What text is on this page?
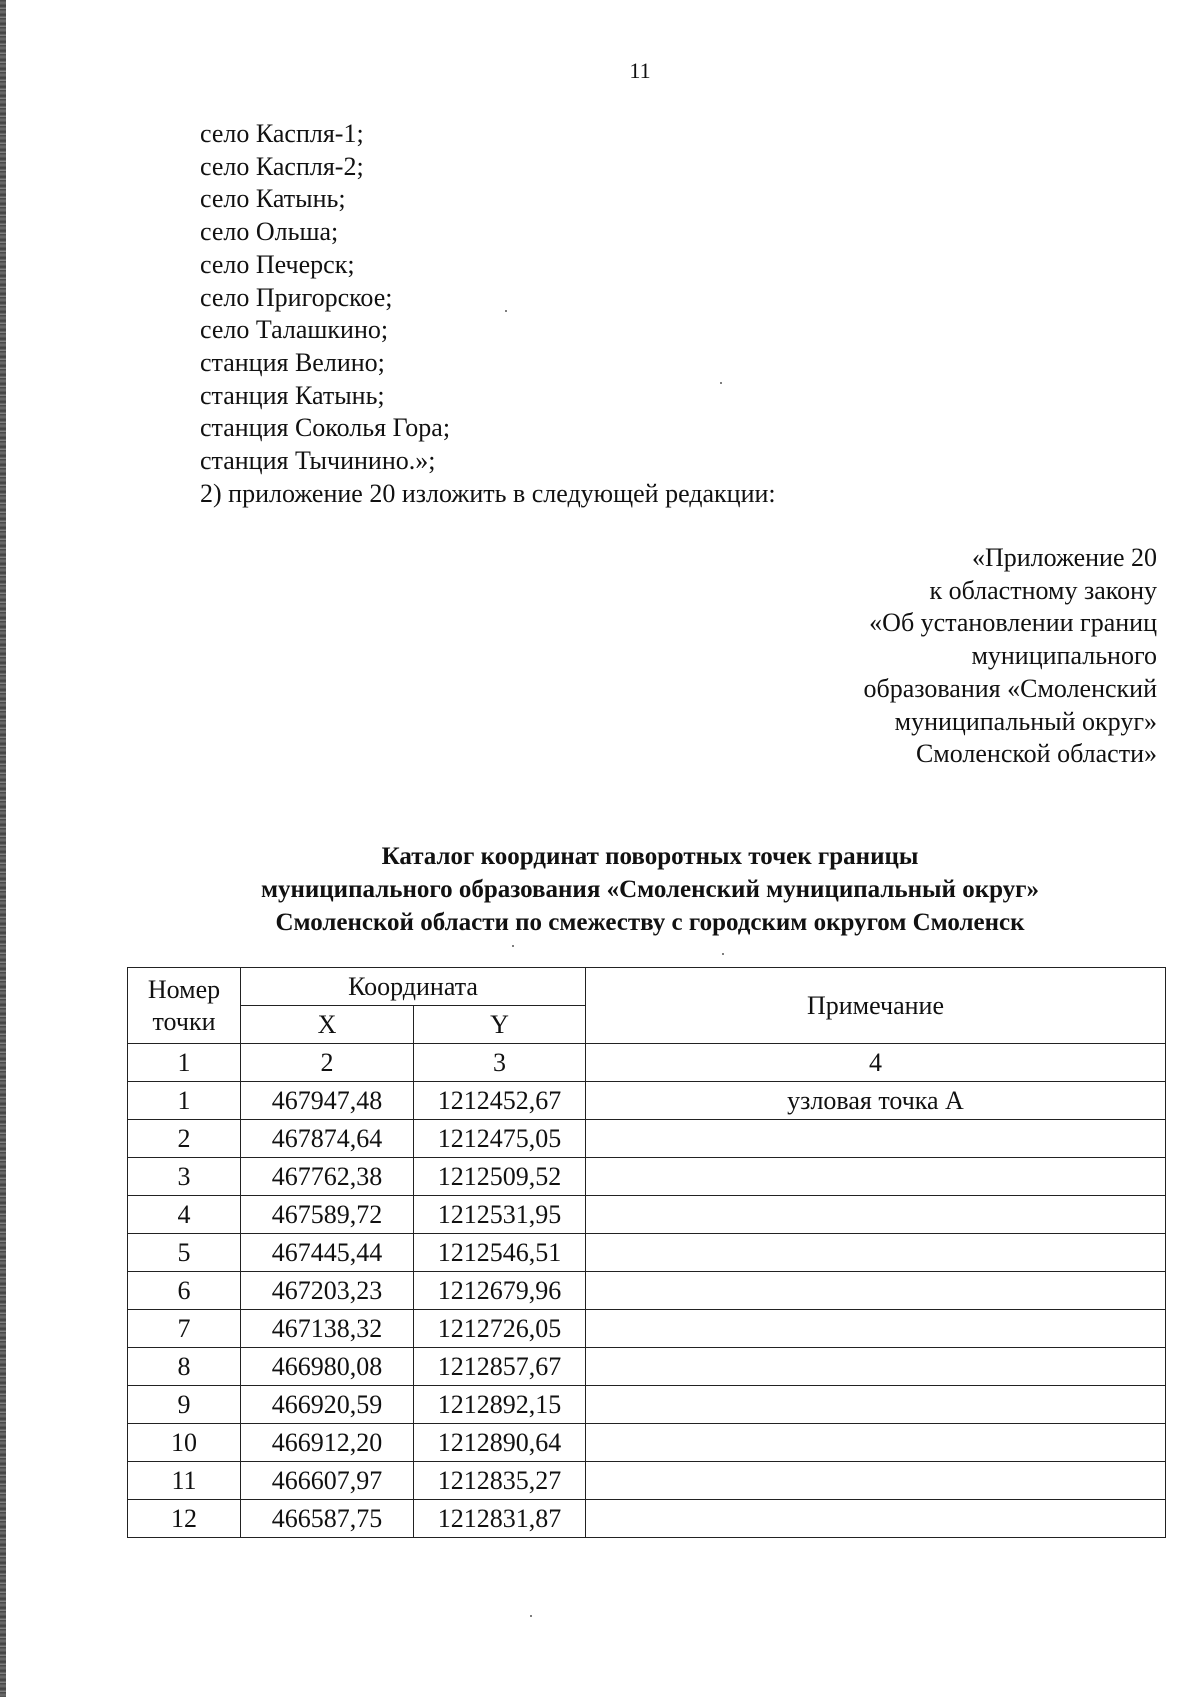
11
село Каспля-1;
село Каспля-2;
село Катынь;
село Ольша;
село Печерск;
село Пригорское;
село Талашкино;
станция Велино;
станция Катынь;
станция Соколья Гора;
станция Тычинино.»;
2) приложение 20 изложить в следующей редакции:
«Приложение 20
к областному закону
«Об установлении границ
муниципального
образования «Смоленский
муниципальный округ»
Смоленской области»
Каталог координат поворотных точек границы
муниципального образования «Смоленский муниципальный округ»
Смоленской области по смежеству с городским округом Смоленск
Номер точки	Координата		Примечание
	X	Y	
1	2	3	4
1	467947,48	1212452,67	узловая точка А
2	467874,64	1212475,05	
3	467762,38	1212509,52	
4	467589,72	1212531,95	
5	467445,44	1212546,51	
6	467203,23	1212679,96	
7	467138,32	1212726,05	
8	466980,08	1212857,67	
9	466920,59	1212892,15	
10	466912,20	1212890,64	
11	466607,97	1212835,27	
12	466587,75	1212831,87	
